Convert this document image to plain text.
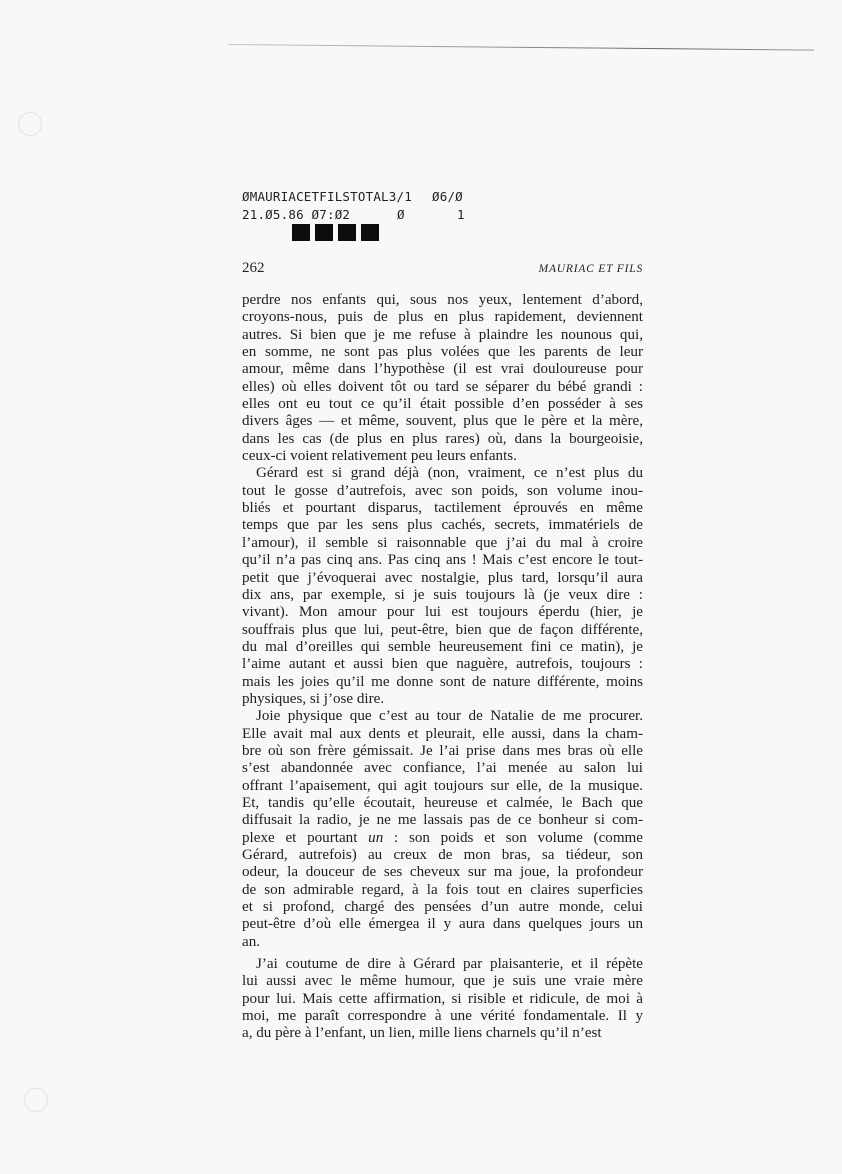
ØMAURIACETFILSTOTAL3/1	Ø6/Ø
21.Ø5.86 Ø7:Ø2	Ø	1
262	MAURIAC ET FILS

perdre nos enfants qui, sous nos yeux, lentement d’abord,
croyons-nous, puis de plus en plus rapidement, deviennent
autres. Si bien que je me refuse à plaindre les nounous qui,
en somme, ne sont pas plus volées que les parents de leur
amour, même dans l’hypothèse (il est vrai douloureuse pour
elles) où elles doivent tôt ou tard se séparer du bébé grandi :
elles ont eu tout ce qu’il était possible d’en posséder à ses
divers âges — et même, souvent, plus que le père et la mère,
dans les cas (de plus en plus rares) où, dans la bourgeoisie,
ceux-ci voient relativement peu leurs enfants.

Gérard est si grand déjà (non, vraiment, ce n’est plus du
tout le gosse d’autrefois, avec son poids, son volume inou-
bliés et pourtant disparus, tactilement éprouvés en même
temps que par les sens plus cachés, secrets, immatériels de
l’amour), il semble si raisonnable que j’ai du mal à croire
qu’il n’a pas cinq ans. Pas cinq ans ! Mais c’est encore le tout-
petit que j’évoquerai avec nostalgie, plus tard, lorsqu’il aura
dix ans, par exemple, si je suis toujours là (je veux dire :
vivant). Mon amour pour lui est toujours éperdu (hier, je
souffrais plus que lui, peut-être, bien que de façon différente,
du mal d’oreilles qui semble heureusement fini ce matin), je
l’aime autant et aussi bien que naguère, autrefois, toujours :
mais les joies qu’il me donne sont de nature différente, moins
physiques, si j’ose dire.

Joie physique que c’est au tour de Natalie de me procurer.
Elle avait mal aux dents et pleurait, elle aussi, dans la cham-
bre où son frère gémissait. Je l’ai prise dans mes bras où elle
s’est abandonnée avec confiance, l’ai menée au salon lui
offrant l’apaisement, qui agit toujours sur elle, de la musique.
Et, tandis qu’elle écoutait, heureuse et calmée, le Bach que
diffusait la radio, je ne me lassais pas de ce bonheur si com-
plexe et pourtant un : son poids et son volume (comme
Gérard, autrefois) au creux de mon bras, sa tiédeur, son
odeur, la douceur de ses cheveux sur ma joue, la profondeur
de son admirable regard, à la fois tout en claires superficies
et si profond, chargé des pensées d’un autre monde, celui
peut-être d’où elle émergea il y aura dans quelques jours un
an.

J’ai coutume de dire à Gérard par plaisanterie, et il répète
lui aussi avec le même humour, que je suis une vraie mère
pour lui. Mais cette affirmation, si risible et ridicule, de moi à
moi, me paraît correspondre à une vérité fondamentale. Il y
a, du père à l’enfant, un lien, mille liens charnels qu’il n’est
